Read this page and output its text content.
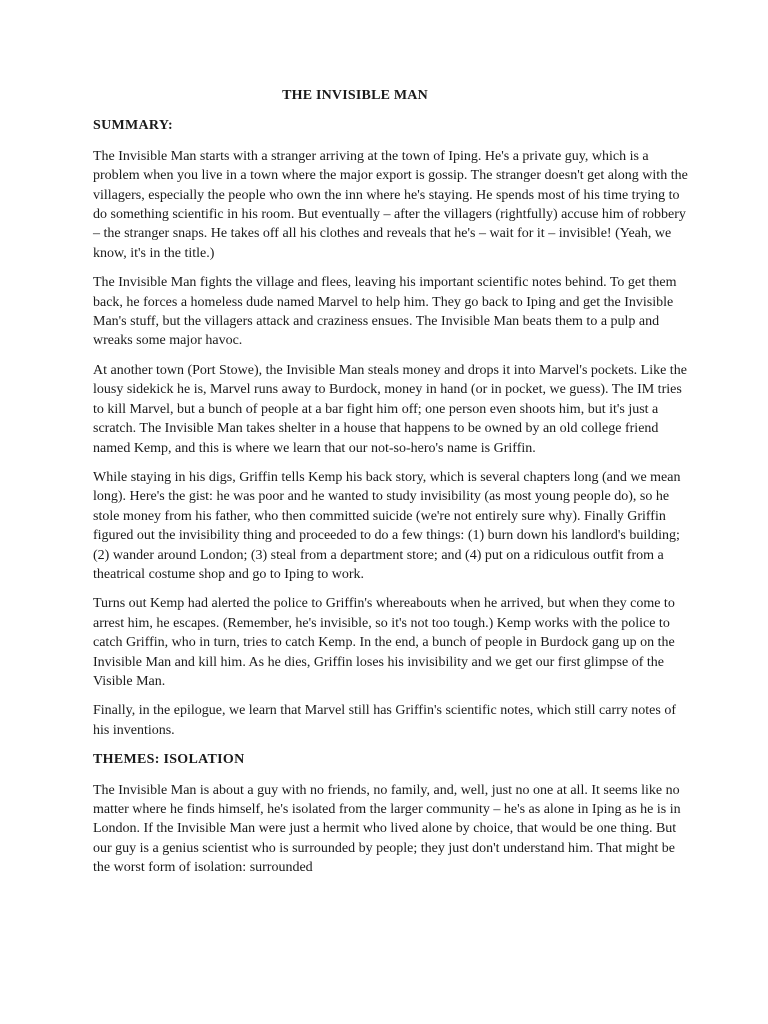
THE INVISIBLE MAN
SUMMARY:

The Invisible Man starts with a stranger arriving at the town of Iping. He's a private guy, which is a problem when you live in a town where the major export is gossip. The stranger doesn't get along with the villagers, especially the people who own the inn where he's staying. He spends most of his time trying to do something scientific in his room. But eventually – after the villagers (rightfully) accuse him of robbery – the stranger snaps. He takes off all his clothes and reveals that he's – wait for it – invisible! (Yeah, we know, it's in the title.)

The Invisible Man fights the village and flees, leaving his important scientific notes behind. To get them back, he forces a homeless dude named Marvel to help him. They go back to Iping and get the Invisible Man's stuff, but the villagers attack and craziness ensues. The Invisible Man beats them to a pulp and wreaks some major havoc.

At another town (Port Stowe), the Invisible Man steals money and drops it into Marvel's pockets. Like the lousy sidekick he is, Marvel runs away to Burdock, money in hand (or in pocket, we guess). The IM tries to kill Marvel, but a bunch of people at a bar fight him off; one person even shoots him, but it's just a scratch. The Invisible Man takes shelter in a house that happens to be owned by an old college friend named Kemp, and this is where we learn that our not-so-hero's name is Griffin.

While staying in his digs, Griffin tells Kemp his back story, which is several chapters long (and we mean long). Here's the gist: he was poor and he wanted to study invisibility (as most young people do), so he stole money from his father, who then committed suicide (we're not entirely sure why). Finally Griffin figured out the invisibility thing and proceeded to do a few things: (1) burn down his landlord's building; (2) wander around London; (3) steal from a department store; and (4) put on a ridiculous outfit from a theatrical costume shop and go to Iping to work.

Turns out Kemp had alerted the police to Griffin's whereabouts when he arrived, but when they come to arrest him, he escapes. (Remember, he's invisible, so it's not too tough.) Kemp works with the police to catch Griffin, who in turn, tries to catch Kemp. In the end, a bunch of people in Burdock gang up on the Invisible Man and kill him. As he dies, Griffin loses his invisibility and we get our first glimpse of the Visible Man.

Finally, in the epilogue, we learn that Marvel still has Griffin's scientific notes, which still carry notes of his inventions.

THEMES: ISOLATION

The Invisible Man is about a guy with no friends, no family, and, well, just no one at all. It seems like no matter where he finds himself, he's isolated from the larger community – he's as alone in Iping as he is in London. If the Invisible Man were just a hermit who lived alone by choice, that would be one thing. But our guy is a genius scientist who is surrounded by people; they just don't understand him. That might be the worst form of isolation: surrounded
